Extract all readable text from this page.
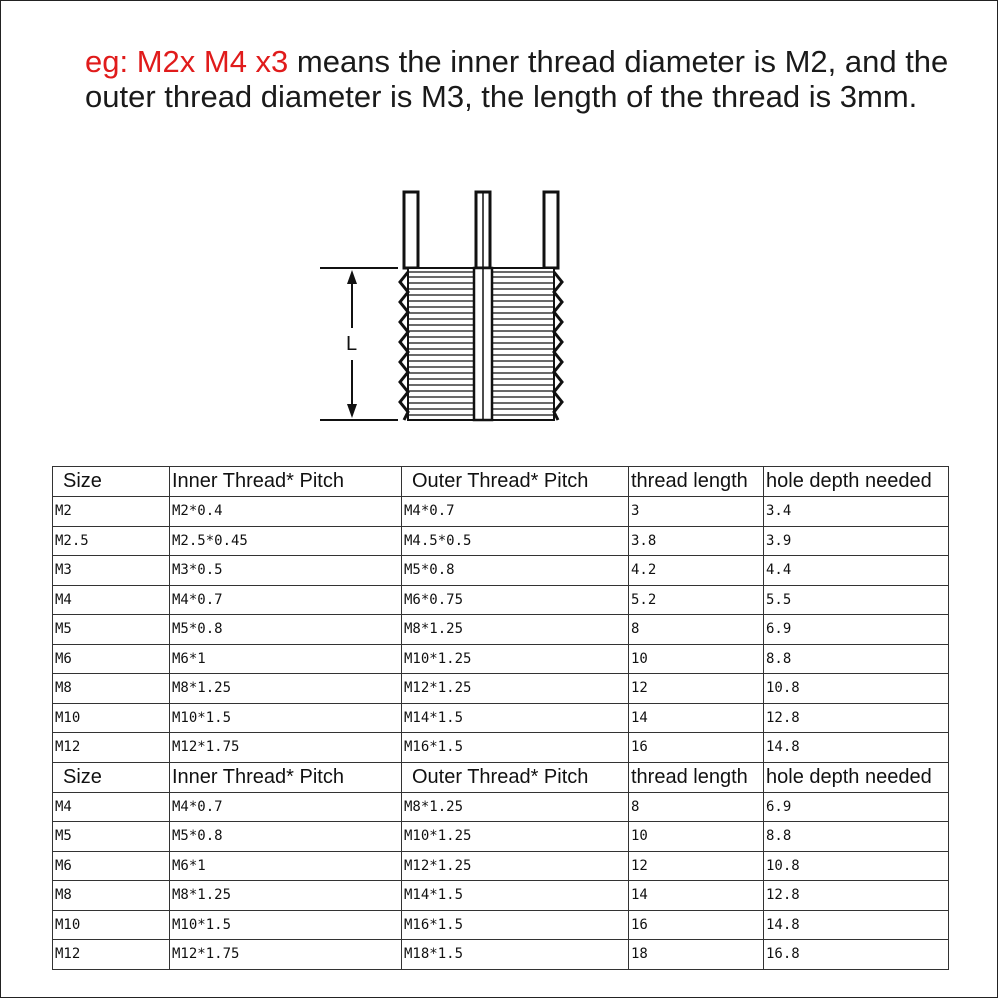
eg: M2x M4 x3 means the inner thread diameter is M2, and the outer thread diameter is M3, the length of the thread is 3mm.
L
Size	Inner Thread* Pitch	Outer Thread* Pitch	thread length	hole depth needed
M2	M2*0.4	M4*0.7	3	3.4
M2.5	M2.5*0.45	M4.5*0.5	3.8	3.9
M3	M3*0.5	M5*0.8	4.2	4.4
M4	M4*0.7	M6*0.75	5.2	5.5
M5	M5*0.8	M8*1.25	8	6.9
M6	M6*1	M10*1.25	10	8.8
M8	M8*1.25	M12*1.25	12	10.8
M10	M10*1.5	M14*1.5	14	12.8
M12	M12*1.75	M16*1.5	16	14.8
Size	Inner Thread* Pitch	Outer Thread* Pitch	thread length	hole depth needed
M4	M4*0.7	M8*1.25	8	6.9
M5	M5*0.8	M10*1.25	10	8.8
M6	M6*1	M12*1.25	12	10.8
M8	M8*1.25	M14*1.5	14	12.8
M10	M10*1.5	M16*1.5	16	14.8
M12	M12*1.75	M18*1.5	18	16.8
